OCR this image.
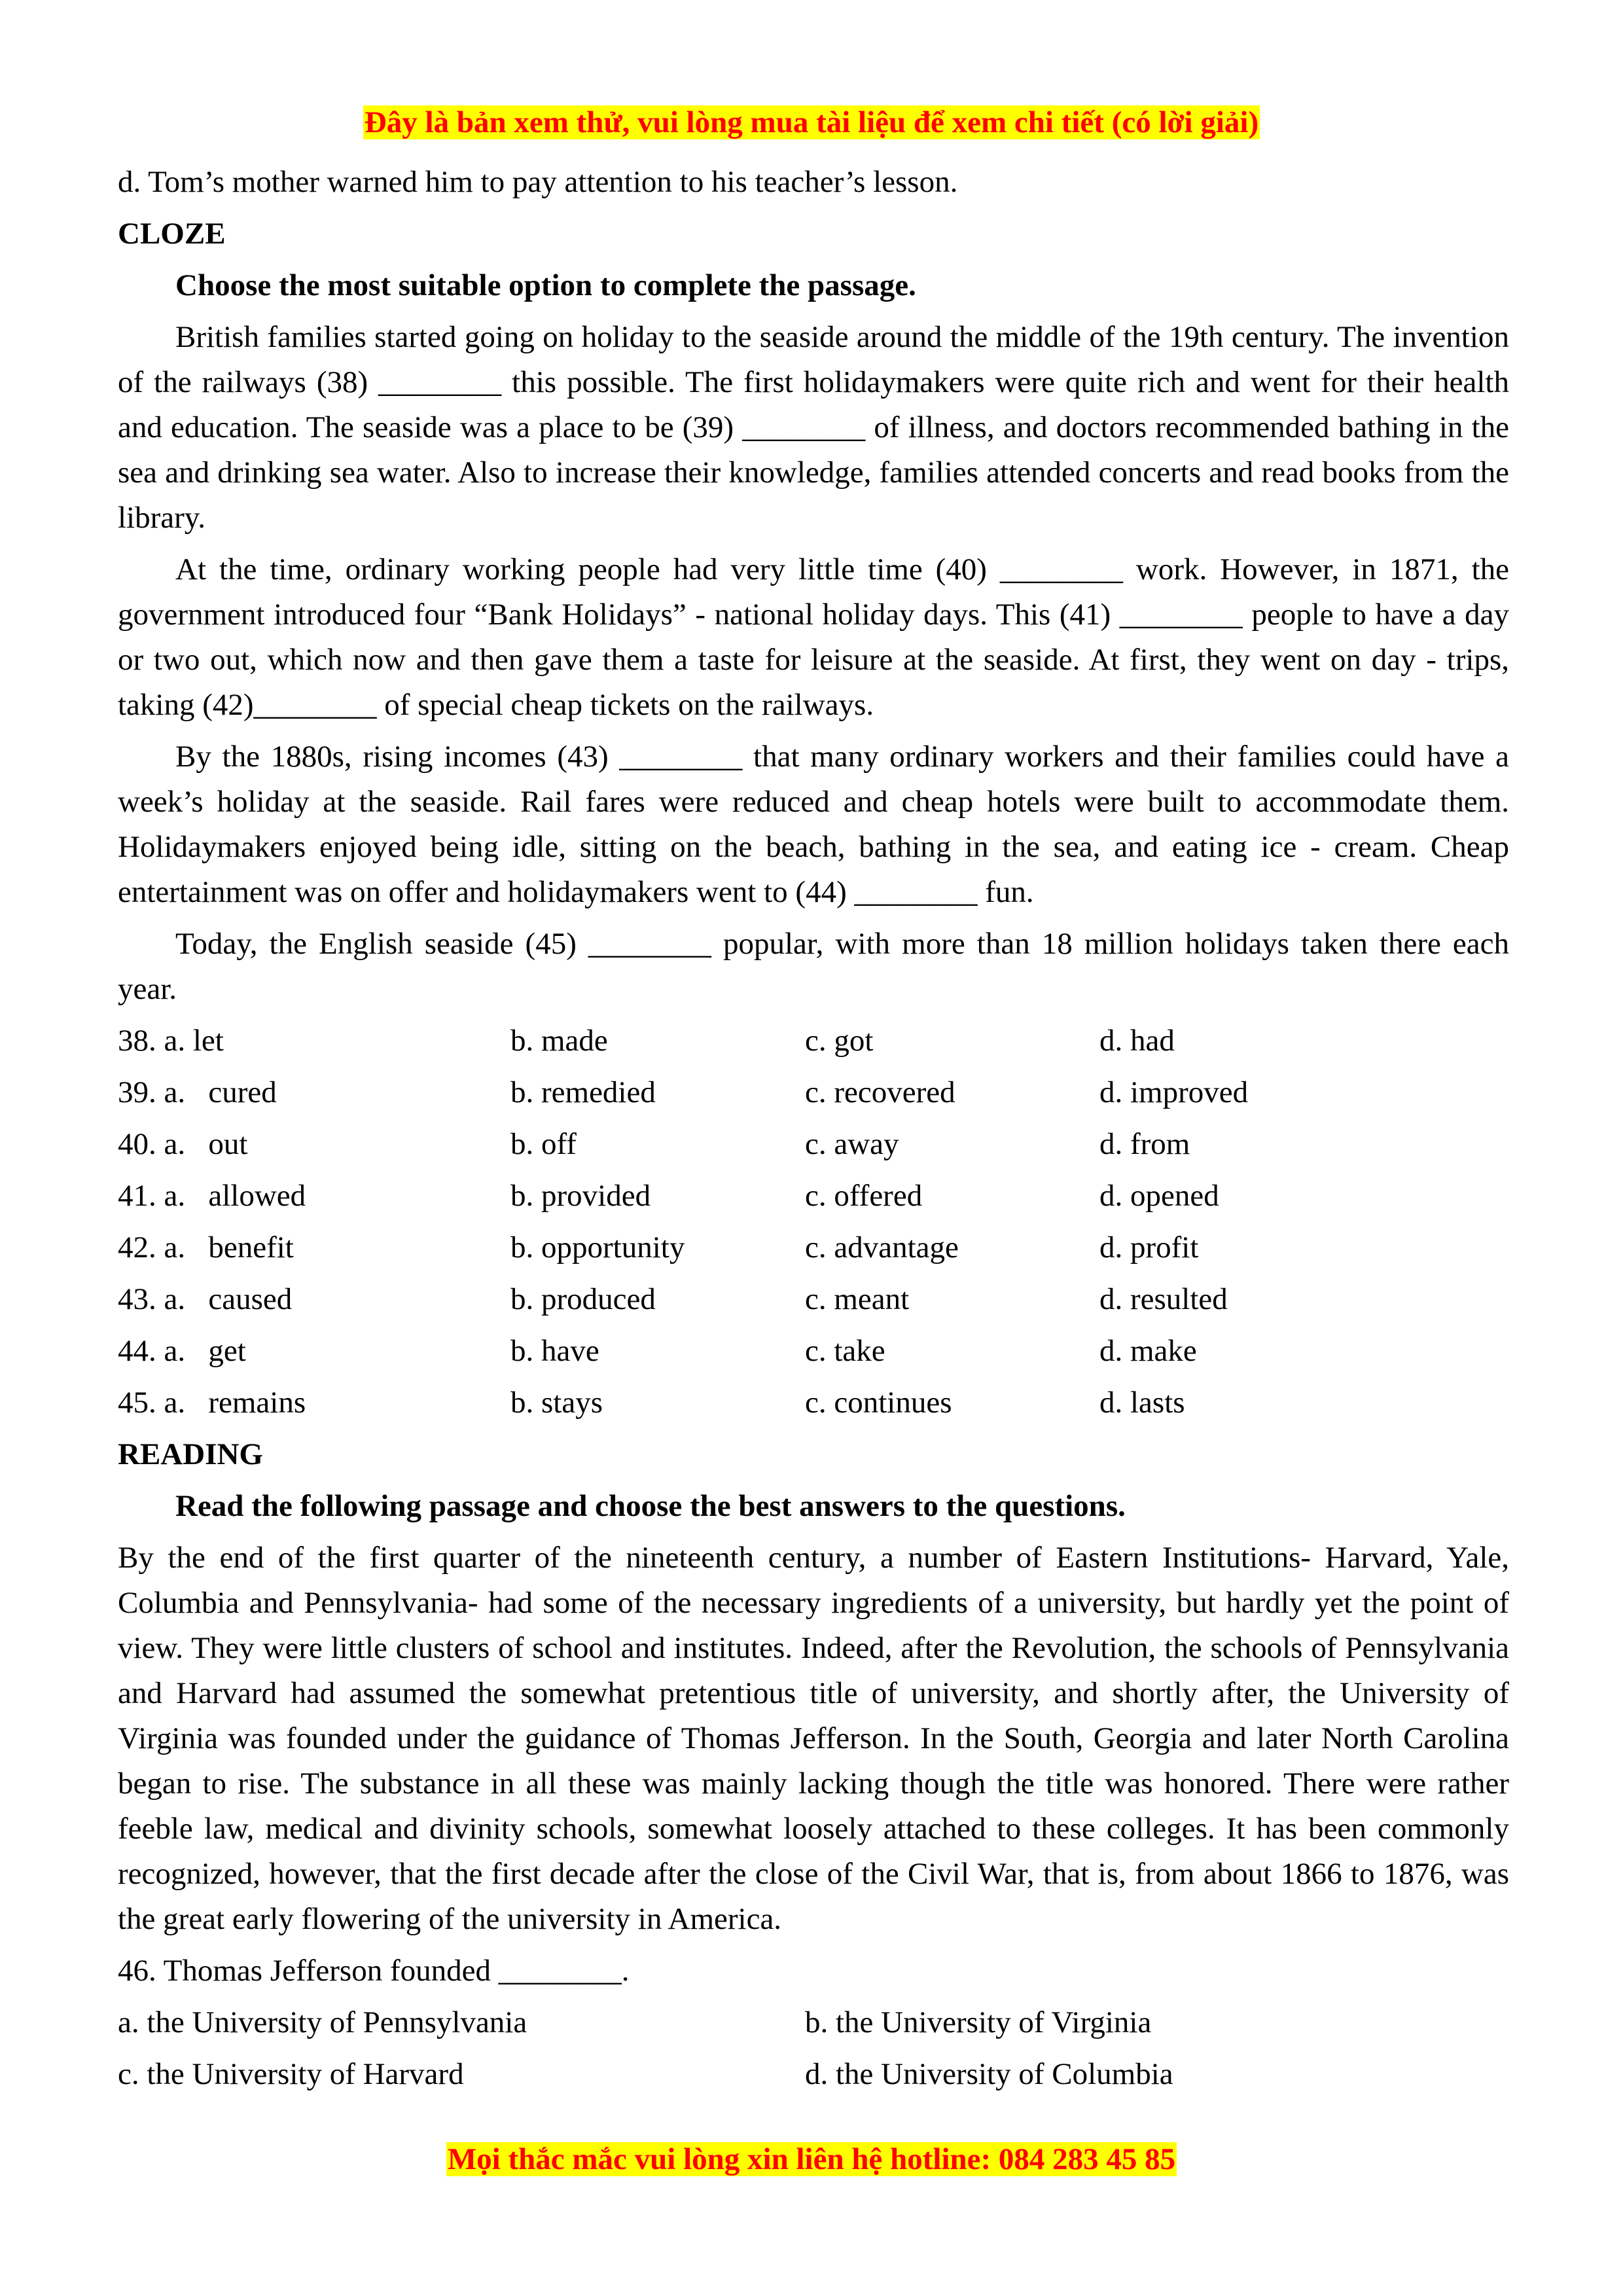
Đây là bản xem thử, vui lòng mua tài liệu để xem chi tiết (có lời giải)

d. Tom’s mother warned him to pay attention to his teacher’s lesson.

CLOZE

Choose the most suitable option to complete the passage.

British families started going on holiday to the seaside around the middle of the 19th century. The invention of the railways (38) ________ this possible. The first holidaymakers were quite rich and went for their health and education. The seaside was a place to be (39) ________ of illness, and doctors recommended bathing in the sea and drinking sea water. Also to increase their knowledge, families attended concerts and read books from the library.

At the time, ordinary working people had very little time (40) ________ work. However, in 1871, the government introduced four “Bank Holidays” - national holiday days. This (41) ________ people to have a day or two out, which now and then gave them a taste for leisure at the seaside. At first, they went on day - trips, taking (42)________ of special cheap tickets on the railways.

By the 1880s, rising incomes (43) ________ that many ordinary workers and their families could have a week’s holiday at the seaside. Rail fares were reduced and cheap hotels were built to accommodate them. Holidaymakers enjoyed being idle, sitting on the beach, bathing in the sea, and eating ice - cream. Cheap entertainment was on offer and holidaymakers went to (44) ________ fun.

Today, the English seaside (45) ________ popular, with more than 18 million holidays taken there each year.

38. a. let	b. made	c. got	d. had
39. a.   cured	b. remedied	c. recovered	d. improved
40. a.   out	b. off	c. away	d. from
41. a.   allowed	b. provided	c. offered	d. opened
42. a.   benefit	b. opportunity	c. advantage	d. profit
43. a.   caused	b. produced	c. meant	d. resulted
44. a.   get	b. have	c. take	d. make
45. a.   remains	b. stays	c. continues	d. lasts

READING

Read the following passage and choose the best answers to the questions.

By the end of the first quarter of the nineteenth century, a number of Eastern Institutions- Harvard, Yale, Columbia and Pennsylvania- had some of the necessary ingredients of a university, but hardly yet the point of view. They were little clusters of school and institutes. Indeed, after the Revolution, the schools of Pennsylvania and Harvard had assumed the somewhat pretentious title of university, and shortly after, the University of Virginia was founded under the guidance of Thomas Jefferson. In the South, Georgia and later North Carolina began to rise. The substance in all these was mainly lacking though the title was honored. There were rather feeble law, medical and divinity schools, somewhat loosely attached to these colleges. It has been commonly recognized, however, that the first decade after the close of the Civil War, that is, from about 1866 to 1876, was the great early flowering of the university in America.

46. Thomas Jefferson founded ________.

a. the University of Pennsylvania	b. the University of Virginia
c. the University of Harvard	d. the University of Columbia
Mọi thắc mắc vui lòng xin liên hệ hotline: 084 283 45 85
